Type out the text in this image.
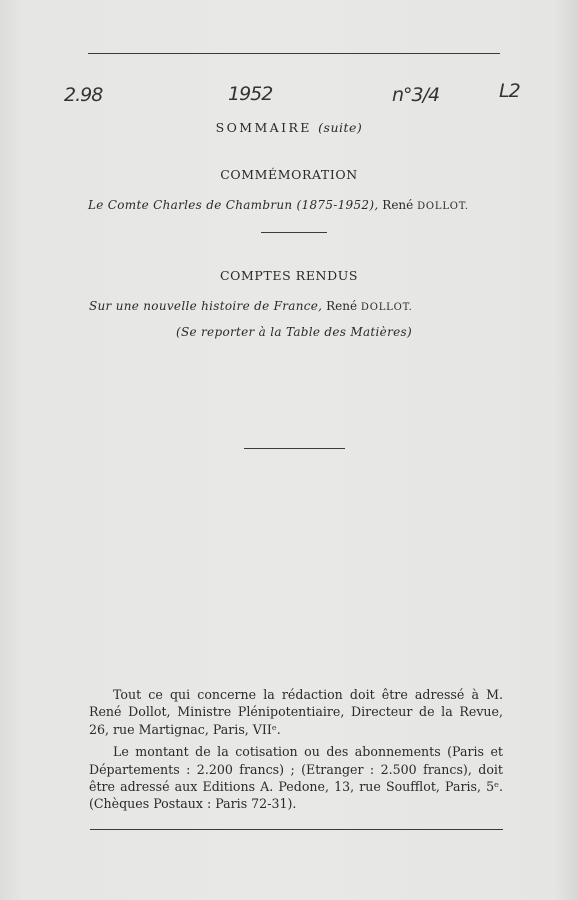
2.98	1952	n°3/4	L2
SOMMAIRE (suite)
COMMÉMORATION
Le Comte Charles de Chambrun (1875-1952), René DOLLOT.
COMPTES RENDUS
Sur une nouvelle histoire de France, René DOLLOT.
(Se reporter à la Table des Matières)

Tout ce qui concerne la rédaction doit être adressé à M. René Dollot, Ministre Plénipotentiaire, Directeur de la Revue, 26, rue Martignac, Paris, VIIᵉ.

Le montant de la cotisation ou des abonnements (Paris et Départements : 2.200 francs) ; (Etranger : 2.500 francs), doit être adressé aux Editions A. Pedone, 13, rue Soufflot, Paris, 5ᵉ. (Chèques Postaux : Paris 72-31).
